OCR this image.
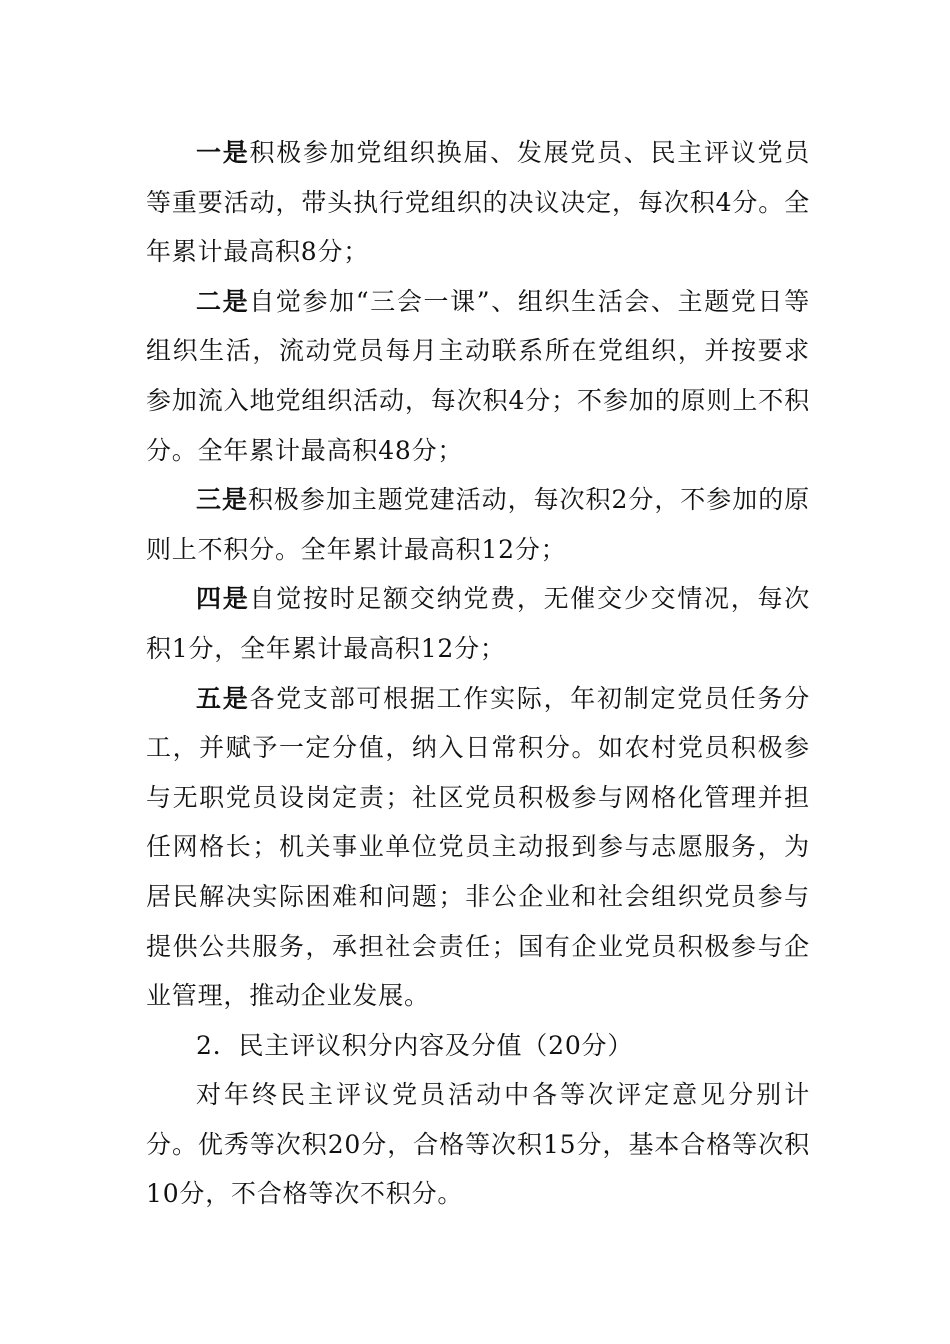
一是积极参加党组织换届、发展党员、民主评议党员等重要活动，带头执行党组织的决议决定，每次积4分。全年累计最高积8分；

二是自觉参加“三会一课”、组织生活会、主题党日等组织生活，流动党员每月主动联系所在党组织，并按要求参加流入地党组织活动，每次积4分；不参加的原则上不积分。全年累计最高积48分；

三是积极参加主题党建活动，每次积2分，不参加的原则上不积分。全年累计最高积12分；

四是自觉按时足额交纳党费，无催交少交情况，每次积1分，全年累计最高积12分；

五是各党支部可根据工作实际，年初制定党员任务分工，并赋予一定分值，纳入日常积分。如农村党员积极参与无职党员设岗定责；社区党员积极参与网格化管理并担任网格长；机关事业单位党员主动报到参与志愿服务，为居民解决实际困难和问题；非公企业和社会组织党员参与提供公共服务，承担社会责任；国有企业党员积极参与企业管理，推动企业发展。

2．民主评议积分内容及分值（20分）

对年终民主评议党员活动中各等次评定意见分别计分。优秀等次积20分，合格等次积15分，基本合格等次积10分，不合格等次不积分。
